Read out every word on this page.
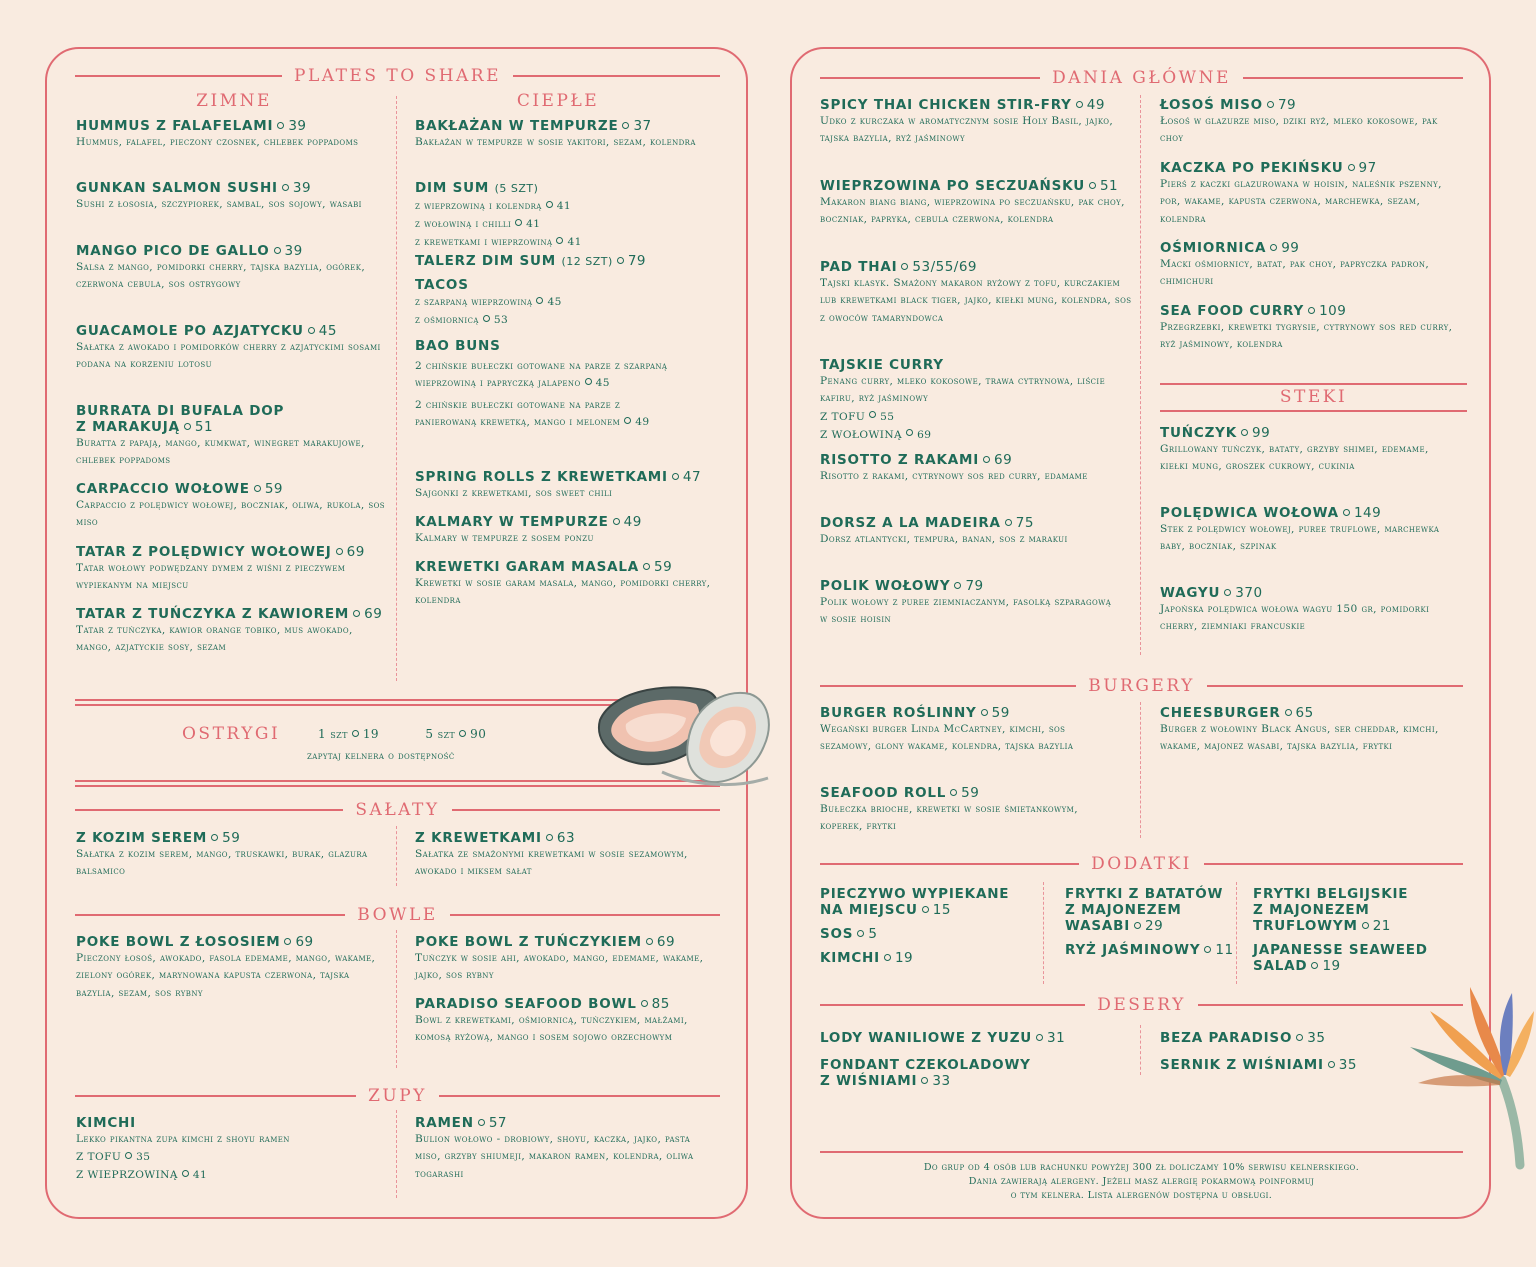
PLATES TO SHARE
ZIMNE	CIEPŁE
HUMMUS Z FALAFELAMI 39
Hummus, falafel, pieczony czosnek, chlebek poppadoms
GUNKAN SALMON SUSHI 39
Sushi z łososia, szczypiorek, sambal, sos sojowy, wasabi
MANGO PICO DE GALLO 39
Salsa z mango, pomidorki cherry, tajska bazylia, ogórek, czerwona cebula, sos ostrygowy
GUACAMOLE PO AZJATYCKU 45
Sałatka z awokado i pomidorków cherry z azjatyckimi sosami podana na korzeniu lotosu
BURRATA DI BUFALA DOP
Z MARAKUJĄ 51
Buratta z papają, mango, kumkwat, winegret marakujowe, chlebek poppadoms
CARPACCIO WOŁOWE 59
Carpaccio z polędwicy wołowej, boczniak, oliwa, rukola, sos miso
TATAR Z POLĘDWICY WOŁOWEJ 69
Tatar wołowy podwędzany dymem z wiśni z pieczywem wypiekanym na miejscu
TATAR Z TUŃCZYKA Z KAWIOREM 69
Tatar z tuńczyka, kawior orange tobiko, mus awokado, mango, azjatyckie sosy, sezam
BAKŁAŻAN W TEMPURZE 37
Bakłażan w tempurze w sosie yakitori, sezam, kolendra
DIM SUM (5 SZT)
z wieprzowiną i kolendrą 41
z wołowiną i chilli 41
z krewetkami i wieprzowiną 41
TALERZ DIM SUM (12 SZT) 79
TACOS
z szarpaną wieprzowiną 45
z ośmiornicą 53
BAO BUNS
2 chińskie bułeczki gotowane na parze z szarpaną wieprzowiną i papryczką jalapeno 45
2 chińskie bułeczki gotowane na parze z panierowaną krewetką, mango i melonem 49
SPRING ROLLS Z KREWETKAMI 47
Sajgonki z krewetkami, sos sweet chili
KALMARY W TEMPURZE 49
Kalmary w tempurze z sosem ponzu
KREWETKI GARAM MASALA 59
Krewetki w sosie garam masala, mango, pomidorki cherry, kolendra
OSTRYGI	1 szt 19	5 szt 90
zapytaj kelnera o dostępność
SAŁATY
Z KOZIM SEREM 59
Sałatka z kozim serem, mango, truskawki, burak, glazura balsamico
Z KREWETKAMI 63
Sałatka ze smażonymi krewetkami w sosie sezamowym, awokado i miksem sałat
BOWLE
POKE BOWL Z ŁOSOSIEM 69
Pieczony łosoś, awokado, fasola edemame, mango, wakame, zielony ogórek, marynowana kapusta czerwona, tajska bazylia, sezam, sos rybny
POKE BOWL Z TUŃCZYKIEM 69
Tuńczyk w sosie ahi, awokado, mango, edemame, wakame, jajko, sos rybny
PARADISO SEAFOOD BOWL 85
Bowl z krewetkami, ośmiornicą, tuńczykiem, małżami, komosą ryżową, mango i sosem sojowo orzechowym
ZUPY
KIMCHI
Lekko pikantna zupa kimchi z shoyu ramen
Z TOFU 35
Z WIEPRZOWINĄ 41
RAMEN 57
Bulion wołowo - drobiowy, shoyu, kaczka, jajko, pasta miso, grzyby shiumeji, makaron ramen, kolendra, oliwa togarashi
DANIA GŁÓWNE
SPICY THAI CHICKEN STIR-FRY 49
Udko z kurczaka w aromatycznym sosie Holy Basil, jajko, tajska bazylia, ryż jaśminowy
WIEPRZOWINA PO SECZUAŃSKU 51
Makaron biang biang, wieprzowina po seczuańsku, pak choy, boczniak, papryka, cebula czerwona, kolendra
PAD THAI 53/55/69
Tajski klasyk. Smażony makaron ryżowy z tofu, kurczakiem lub krewetkami black tiger, jajko, kiełki mung, kolendra, sos z owoców tamaryndowca
TAJSKIE CURRY
Penang curry, mleko kokosowe, trawa cytrynowa, liście kafiru, ryż jaśminowy
Z TOFU 55
Z WOŁOWINĄ 69
RISOTTO Z RAKAMI 69
Risotto z rakami, cytrynowy sos red curry, edamame
DORSZ A LA MADEIRA 75
Dorsz atlantycki, tempura, banan, sos z marakui
POLIK WOŁOWY 79
Polik wołowy z puree ziemniaczanym, fasolką szparagową w sosie hoisin
ŁOSOŚ MISO 79
Łosoś w glazurze miso, dziki ryż, mleko kokosowe, pak choy
KACZKA PO PEKIŃSKU 97
Pierś z kaczki glazurowana w hoisin, naleśnik pszenny, por, wakame, kapusta czerwona, marchewka, sezam, kolendra
OŚMIORNICA 99
Macki ośmiornicy, batat, pak choy, papryczka padron, chimichuri
SEA FOOD CURRY 109
Przegrzebki, krewetki tygrysie, cytrynowy sos red curry, ryż jaśminowy, kolendra
STEKI
TUŃCZYK 99
Grillowany tuńczyk, bataty, grzyby shimei, edemame, kiełki mung, groszek cukrowy, cukinia
POLĘDWICA WOŁOWA 149
Stek z polędwicy wołowej, puree truflowe, marchewka baby, boczniak, szpinak
WAGYU 370
Japońska polędwica wołowa wagyu 150 gr, pomidorki cherry, ziemniaki francuskie
BURGERY
BURGER ROŚLINNY 59
Wegański burger Linda McCartney, kimchi, sos sezamowy, glony wakame, kolendra, tajska bazylia
SEAFOOD ROLL 59
Bułeczka brioche, krewetki w sosie śmietankowym, koperek, frytki
CHEESBURGER 65
Burger z wołowiny Black Angus, ser cheddar, kimchi, wakame, majonez wasabi, tajska bazylia, frytki
DODATKI
PIECZYWO WYPIEKANE
NA MIEJSCU 15
SOS 5
KIMCHI 19
FRYTKI Z BATATÓW
Z MAJONEZEM
WASABI 29
RYŻ JAŚMINOWY 11
FRYTKI BELGIJSKIE
Z MAJONEZEM
TRUFLOWYM 21
JAPANESSE SEAWEED
SALAD 19
DESERY
LODY WANILIOWE Z YUZU 31
FONDANT CZEKOLADOWY
Z WIŚNIAMI 33
BEZA PARADISO 35
SERNIK Z WIŚNIAMI 35
Do grup od 4 osób lub rachunku powyżej 300 zł doliczamy 10% serwisu kelnerskiego.
Dania zawierają alergeny. Jeżeli masz alergię pokarmową poinformuj
o tym kelnera. Lista alergenów dostępna u obsługi.
